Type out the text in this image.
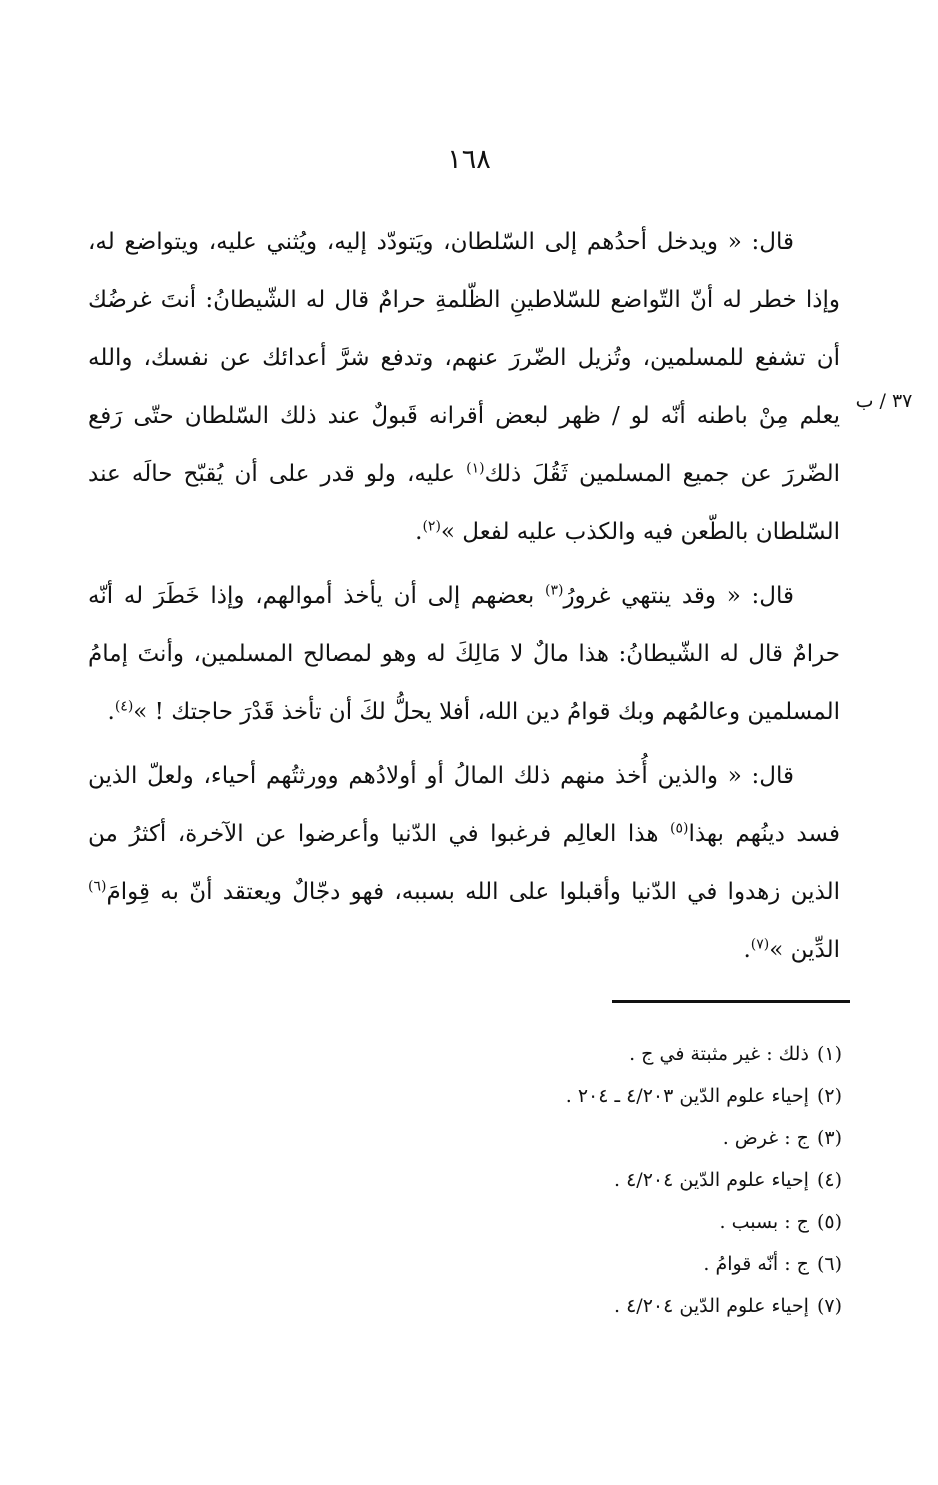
١٦٨
٣٧ / ب

قال: « ويدخل أحدُهم إلى السّلطان، ويَتودّد إليه، ويُثني عليه، ويتواضع له، وإذا خطر له أنّ التّواضع للسّلاطينِ الظّلمةِ حرامٌ قال له الشّيطانُ: أنتَ غرضُك أن تشفع للمسلمين، وتُزيل الضّررَ عنهم، وتدفع شرَّ أعدائك عن نفسك، والله يعلم مِنْ باطنه أنّه لو / ظهر لبعض أقرانه قَبولٌ عند ذلك السّلطان حتّى رَفع الضّررَ عن جميع المسلمين ثَقُلَ ذلك$^{(١)}$ عليه، ولو قدر على أن يُقبّح حالَه عند السّلطان بالطّعن فيه والكذب عليه لفعل »$^{(٢)}$.

قال: « وقد ينتهي غرورُ$^{(٣)}$ بعضهم إلى أن يأخذ أموالهم، وإذا خَطَرَ له أنّه حرامٌ قال له الشّيطانُ: هذا مالٌ لا مَالِكَ له وهو لمصالح المسلمين، وأنتَ إمامُ المسلمين وعالمُهم وبك قوامُ دين الله، أفلا يحلُّ لكَ أن تأخذ قَدْرَ حاجتك ! »$^{(٤)}$.

قال: « والذين أُخذ منهم ذلك المالُ أو أولادُهم وورثتُهم أحياء، ولعلّ الذين فسد دينُهم بهذا$^{(٥)}$ هذا العالِم فرغبوا في الدّنيا وأعرضوا عن الآخرة، أكثرُ من الذين زهدوا في الدّنيا وأقبلوا على الله بسببه، فهو دجّالٌ ويعتقد أنّ به قِوامَ$^{(٦)}$ الدِّين »$^{(٧)}$.

(١)ذلك : غير مثبتة في ج .
(٢)إحياء علوم الدّين ٤/٢٠٣ ـ ٢٠٤ .
(٣)ج : غرض .
(٤)إحياء علوم الدّين ٤/٢٠٤ .
(٥)ج : بسبب .
(٦)ج : أنّه قوامُ .
(٧)إحياء علوم الدّين ٤/٢٠٤ .
